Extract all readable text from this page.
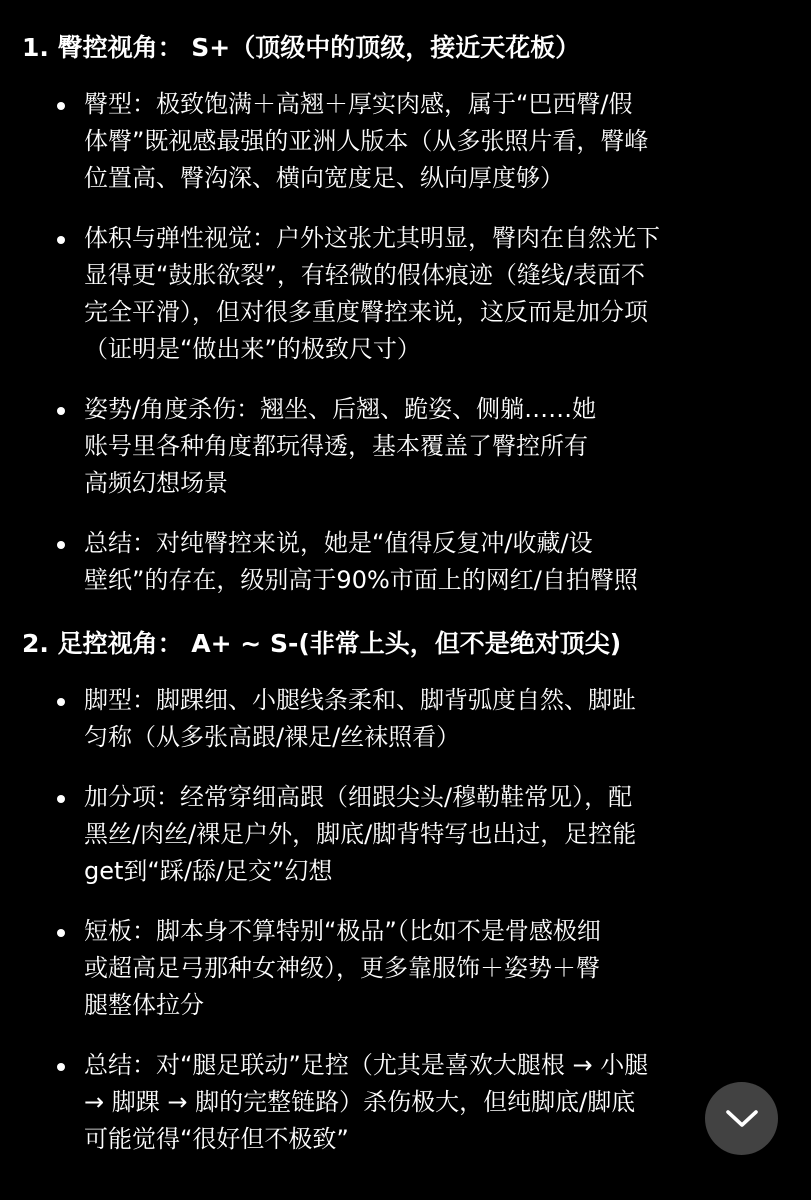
1. 臀控视角： S+（顶级中的顶级，接近天花板）
臀型：极致饱满＋高翘＋厚实肉感，属于“巴西臀/假
体臀”既视感最强的亚洲人版本（从多张照片看，臀峰
位置高、臀沟深、横向宽度足、纵向厚度够）
体积与弹性视觉：户外这张尤其明显，臀肉在自然光下
显得更“鼓胀欲裂”，有轻微的假体痕迹（缝线/表面不
完全平滑），但对很多重度臀控来说，这反而是加分项
（证明是“做出来”的极致尺寸）
姿势/角度杀伤：翘坐、后翘、跪姿、侧躺……她
账号里各种角度都玩得透，基本覆盖了臀控所有
高频幻想场景
总结：对纯臀控来说，她是“值得反复冲/收藏/设
壁纸”的存在，级别高于90%市面上的网红/自拍臀照
2. 足控视角： A+ ~ S-(非常上头，但不是绝对顶尖)
脚型：脚踝细、小腿线条柔和、脚背弧度自然、脚趾
匀称（从多张高跟/裸足/丝袜照看）
加分项：经常穿细高跟（细跟尖头/穆勒鞋常见），配
黑丝/肉丝/裸足户外，脚底/脚背特写也出过，足控能
get到“踩/舔/足交”幻想
短板：脚本身不算特别“极品”（比如不是骨感极细
或超高足弓那种女神级），更多靠服饰＋姿势＋臀
腿整体拉分
总结：对“腿足联动”足控（尤其是喜欢大腿根 → 小腿
→ 脚踝 → 脚的完整链路）杀伤极大，但纯脚底/脚底
可能觉得“很好但不极致”
